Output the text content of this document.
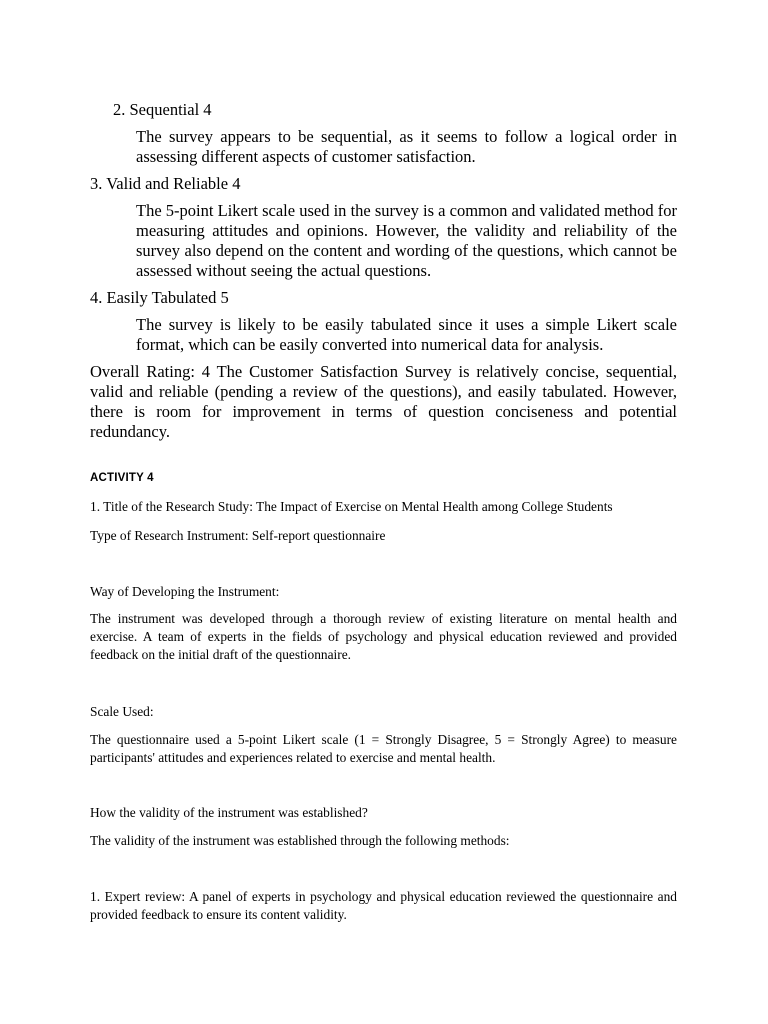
2. Sequential 4

The survey appears to be sequential, as it seems to follow a logical order in assessing different aspects of customer satisfaction.

3. Valid and Reliable 4

The 5-point Likert scale used in the survey is a common and validated method for measuring attitudes and opinions. However, the validity and reliability of the survey also depend on the content and wording of the questions, which cannot be assessed without seeing the actual questions.

4. Easily Tabulated 5

The survey is likely to be easily tabulated since it uses a simple Likert scale format, which can be easily converted into numerical data for analysis.

Overall Rating: 4 The Customer Satisfaction Survey is relatively concise, sequential, valid and reliable (pending a review of the questions), and easily tabulated. However, there is room for improvement in terms of question conciseness and potential redundancy.

ACTIVITY 4

1. Title of the Research Study: The Impact of Exercise on Mental Health among College Students

Type of Research Instrument: Self-report questionnaire

Way of Developing the Instrument:

The instrument was developed through a thorough review of existing literature on mental health and exercise. A team of experts in the fields of psychology and physical education reviewed and provided feedback on the initial draft of the questionnaire.

Scale Used:

The questionnaire used a 5-point Likert scale (1 = Strongly Disagree, 5 = Strongly Agree) to measure participants' attitudes and experiences related to exercise and mental health.

How the validity of the instrument was established?

The validity of the instrument was established through the following methods:

1. Expert review: A panel of experts in psychology and physical education reviewed the questionnaire and provided feedback to ensure its content validity.
